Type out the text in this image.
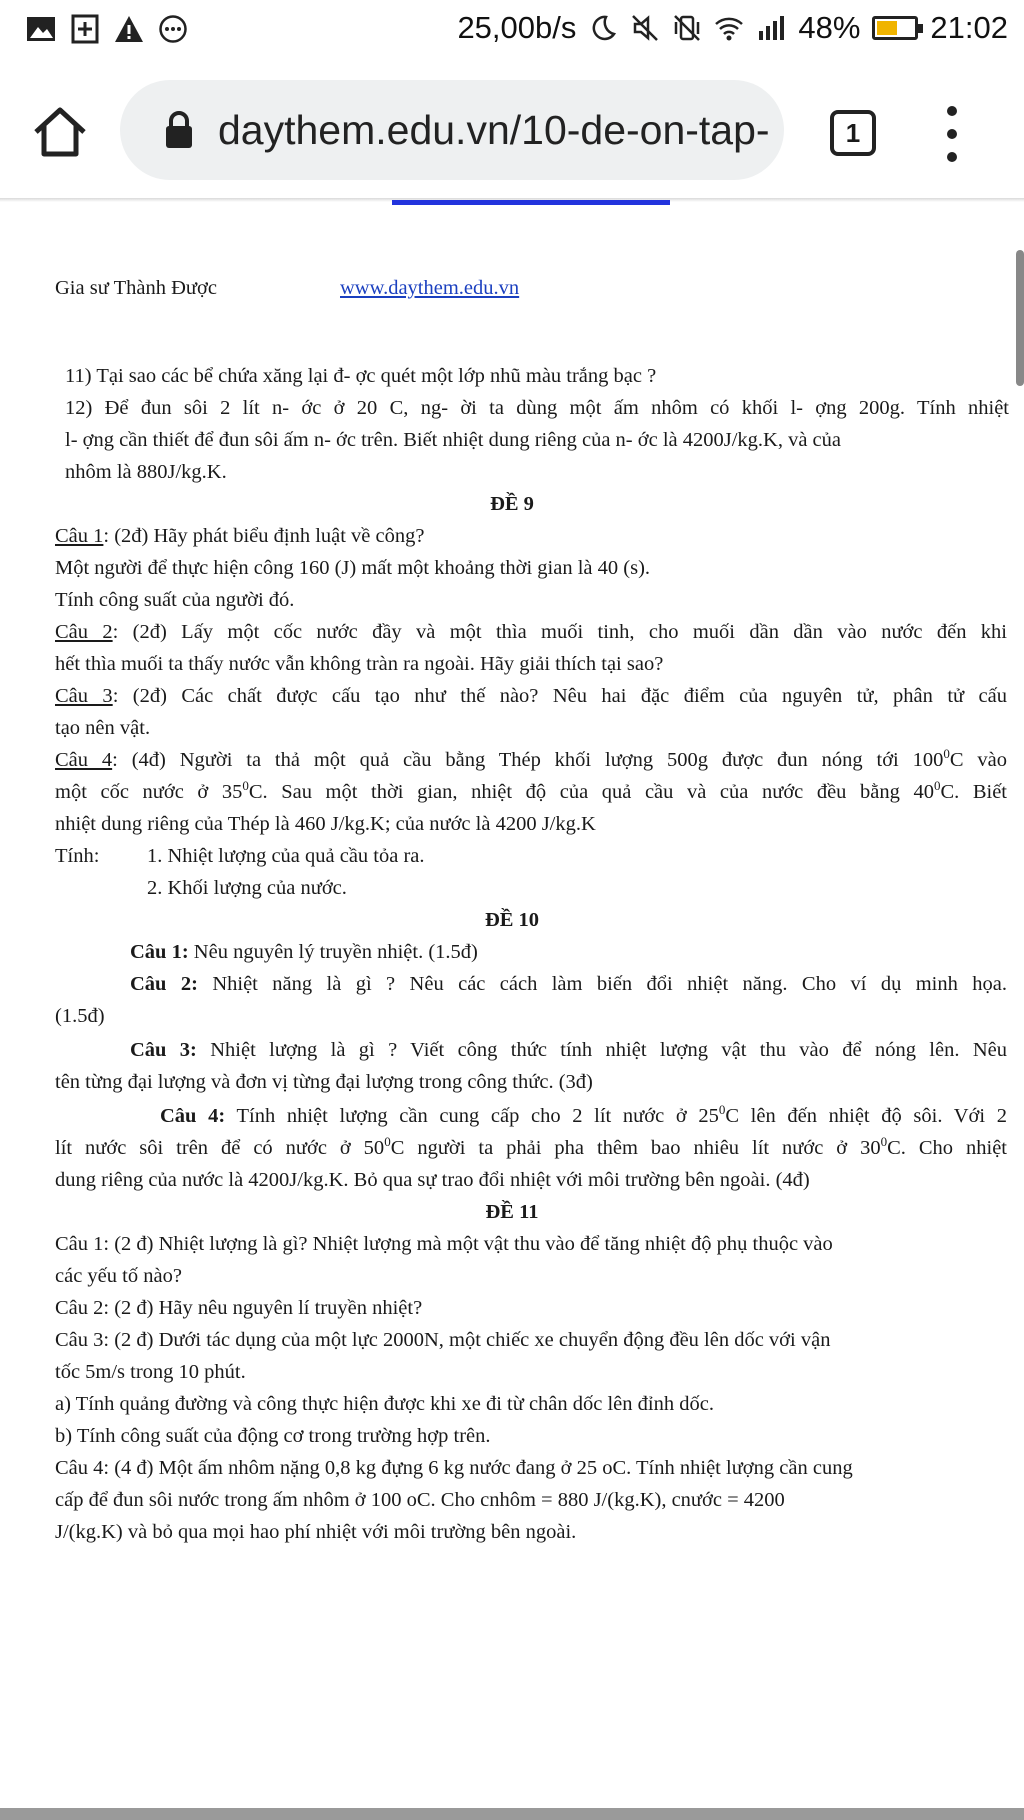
25,00b/s	48% 21:02
daythem.edu.vn/10-de-on-tap-	1
Gia sư Thành Được	www.daythem.edu.vn
11) Tại sao các bể chứa xăng lại đ- ợc quét một lớp nhũ màu trắng bạc ?
12) Để đun sôi 2 lít n- ớc ở 20 C, ng- ời ta dùng một ấm nhôm có khối l- ợng 200g. Tính nhiệt
l- ợng cần thiết để đun sôi ấm n- ớc trên. Biết nhiệt dung riêng của n- ớc là 4200J/kg.K, và của
nhôm là 880J/kg.K.
ĐỀ 9
Câu 1: (2đ) Hãy phát biểu định luật về công?
Một người để thực hiện công 160 (J) mất một khoảng thời gian là 40 (s).
Tính công suất của người đó.
Câu 2: (2đ) Lấy một cốc nước đầy và một thìa muối tinh, cho muối dần dần vào nước đến khi
hết thìa muối ta thấy nước vẫn không tràn ra ngoài. Hãy giải thích tại sao?
Câu 3: (2đ) Các chất được cấu tạo như thế nào? Nêu hai đặc điểm của nguyên tử, phân tử cấu
tạo nên vật.
Câu 4: (4đ) Người ta thả một quả cầu bằng Thép khối lượng 500g được đun nóng tới $100^0C$ vào
một cốc nước ở $35^0C$. Sau một thời gian, nhiệt độ của quả cầu và của nước đều bằng $40^0C$. Biết
nhiệt dung riêng của Thép là 460 J/kg.K; của nước là 4200 J/kg.K
Tính: 1. Nhiệt lượng của quả cầu tỏa ra.
2. Khối lượng của nước.
ĐỀ 10
Câu 1: Nêu nguyên lý truyền nhiệt. (1.5đ)
Câu 2: Nhiệt năng là gì ? Nêu các cách làm biến đổi nhiệt năng. Cho ví dụ minh họa.
(1.5đ)
Câu 3: Nhiệt lượng là gì ? Viết công thức tính nhiệt lượng vật thu vào để nóng lên. Nêu
tên từng đại lượng và đơn vị từng đại lượng trong công thức. (3đ)
Câu 4: Tính nhiệt lượng cần cung cấp cho 2 lít nước ở $25^0C$ lên đến nhiệt độ sôi. Với 2
lít nước sôi trên để có nước ở $50^0C$ người ta phải pha thêm bao nhiêu lít nước ở $30^0C$. Cho nhiệt
dung riêng của nước là 4200J/kg.K. Bỏ qua sự trao đổi nhiệt với môi trường bên ngoài. (4đ)
ĐỀ 11
Câu 1: (2 đ) Nhiệt lượng là gì? Nhiệt lượng mà một vật thu vào để tăng nhiệt độ phụ thuộc vào
các yếu tố nào?
Câu 2: (2 đ) Hãy nêu nguyên lí truyền nhiệt?
Câu 3: (2 đ) Dưới tác dụng của một lực 2000N, một chiếc xe chuyển động đều lên dốc với vận
tốc 5m/s trong 10 phút.
a) Tính quảng đường và công thực hiện được khi xe đi từ chân dốc lên đỉnh dốc.
b) Tính công suất của động cơ trong trường hợp trên.
Câu 4: (4 đ) Một ấm nhôm nặng 0,8 kg đựng 6 kg nước đang ở 25 oC. Tính nhiệt lượng cần cung
cấp để đun sôi nước trong ấm nhôm ở 100 oC. Cho cnhôm = 880 J/(kg.K), cnước = 4200
J/(kg.K) và bỏ qua mọi hao phí nhiệt với môi trường bên ngoài.
